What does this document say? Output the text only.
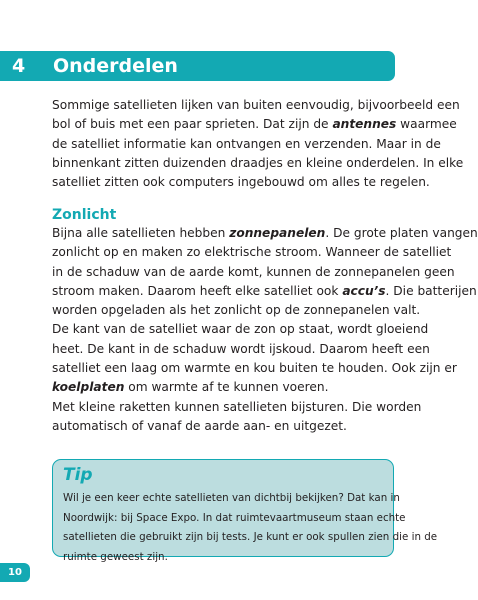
4 Onderdelen

Sommige satellieten lijken van buiten eenvoudig, bijvoorbeeld een

bol of buis met een paar sprieten. Dat zijn de antennes waarmee

de satelliet informatie kan ontvangen en verzenden. Maar in de

binnenkant zitten duizenden draadjes en kleine onderdelen. In elke

satelliet zitten ook computers ingebouwd om alles te regelen.

Zonlicht

Bijna alle satellieten hebben zonnepanelen. De grote platen vangen

zonlicht op en maken zo elektrische stroom. Wanneer de satelliet

in de schaduw van de aarde komt, kunnen de zonnepanelen geen

stroom maken. Daarom heeft elke satelliet ook accu’s. Die batterijen

worden opgeladen als het zonlicht op de zonnepanelen valt.

De kant van de satelliet waar de zon op staat, wordt gloeiend

heet. De kant in de schaduw wordt ijskoud. Daarom heeft een

satelliet een laag om warmte en kou buiten te houden. Ook zijn er

koelplaten om warmte af te kunnen voeren.

Met kleine raketten kunnen satellieten bijsturen. Die worden

automatisch of vanaf de aarde aan- en uitgezet.

Tip

Wil je een keer echte satellieten van dichtbij bekijken? Dat kan in

Noordwijk: bij Space Expo. In dat ruimtevaartmuseum staan echte

satellieten die gebruikt zijn bij tests. Je kunt er ook spullen zien die in de

ruimte geweest zijn.

10
